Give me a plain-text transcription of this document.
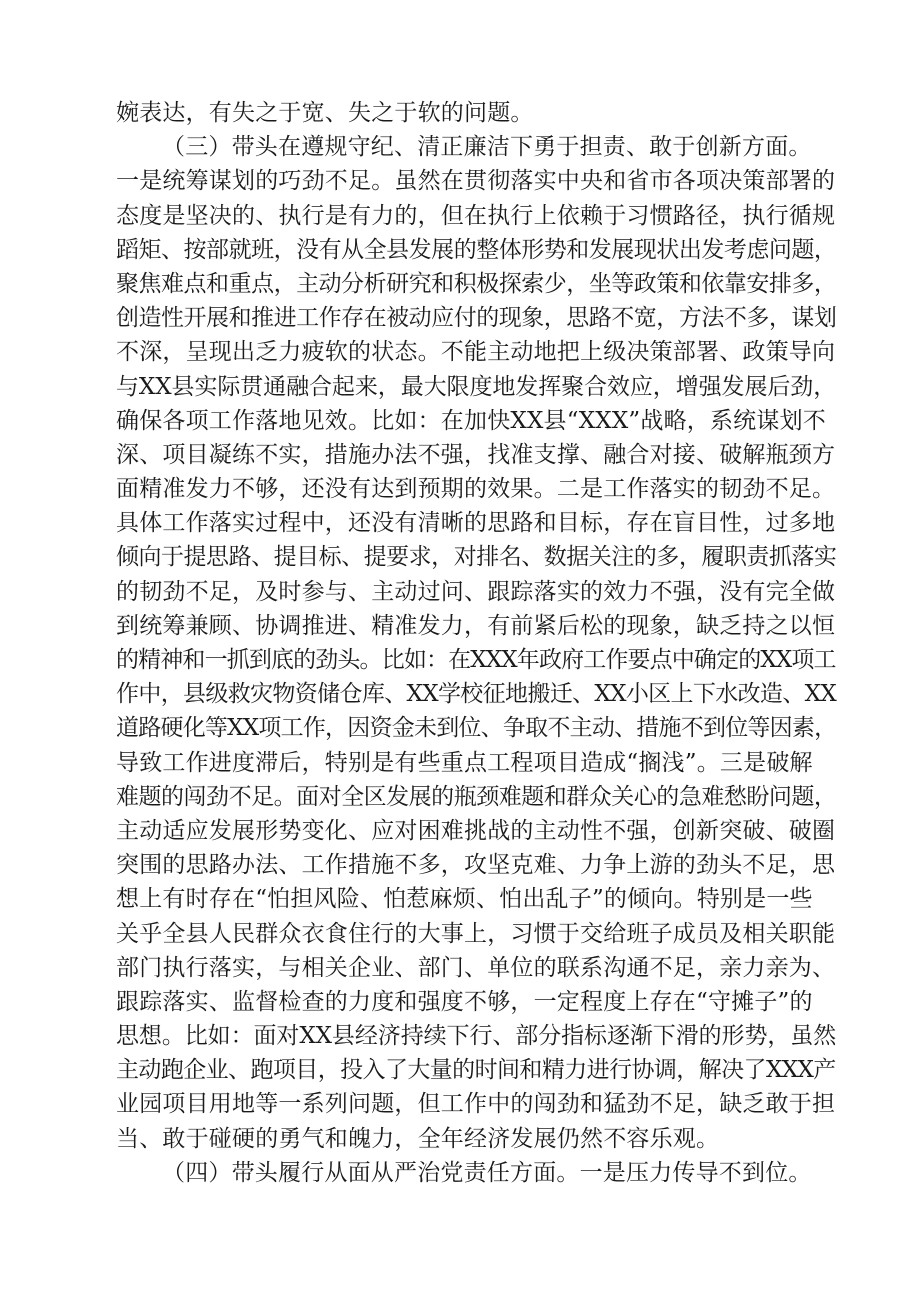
婉表达，有失之于宽、失之于软的问题。
（三）带头在遵规守纪、清正廉洁下勇于担责、敢于创新方面。
一是统筹谋划的巧劲不足。虽然在贯彻落实中央和省市各项决策部署的
态度是坚决的、执行是有力的，但在执行上依赖于习惯路径，执行循规
蹈矩、按部就班，没有从全县发展的整体形势和发展现状出发考虑问题，
聚焦难点和重点，主动分析研究和积极探索少，坐等政策和依靠安排多，
创造性开展和推进工作存在被动应付的现象，思路不宽，方法不多，谋划
不深，呈现出乏力疲软的状态。不能主动地把上级决策部署、政策导向
与XX县实际贯通融合起来，最大限度地发挥聚合效应，增强发展后劲，
确保各项工作落地见效。比如：在加快XX县“XXX”战略，系统谋划不
深、项目凝练不实，措施办法不强，找准支撑、融合对接、破解瓶颈方
面精准发力不够，还没有达到预期的效果。二是工作落实的韧劲不足。
具体工作落实过程中，还没有清晰的思路和目标，存在盲目性，过多地
倾向于提思路、提目标、提要求，对排名、数据关注的多，履职责抓落实
的韧劲不足，及时参与、主动过问、跟踪落实的效力不强，没有完全做
到统筹兼顾、协调推进、精准发力，有前紧后松的现象，缺乏持之以恒
的精神和一抓到底的劲头。比如：在XXX年政府工作要点中确定的XX项工
作中，县级救灾物资储仓库、XX学校征地搬迁、XX小区上下水改造、XX
道路硬化等XX项工作，因资金未到位、争取不主动、措施不到位等因素，
导致工作进度滞后，特别是有些重点工程项目造成“搁浅”。三是破解
难题的闯劲不足。面对全区发展的瓶颈难题和群众关心的急难愁盼问题，
主动适应发展形势变化、应对困难挑战的主动性不强，创新突破、破圈
突围的思路办法、工作措施不多，攻坚克难、力争上游的劲头不足，思
想上有时存在“怕担风险、怕惹麻烦、怕出乱子”的倾向。特别是一些
关乎全县人民群众衣食住行的大事上，习惯于交给班子成员及相关职能
部门执行落实，与相关企业、部门、单位的联系沟通不足，亲力亲为、
跟踪落实、监督检查的力度和强度不够，一定程度上存在“守摊子”的
思想。比如：面对XX县经济持续下行、部分指标逐渐下滑的形势，虽然
主动跑企业、跑项目，投入了大量的时间和精力进行协调，解决了XXX产
业园项目用地等一系列问题，但工作中的闯劲和猛劲不足，缺乏敢于担
当、敢于碰硬的勇气和魄力，全年经济发展仍然不容乐观。
（四）带头履行从面从严治党责任方面。一是压力传导不到位。
